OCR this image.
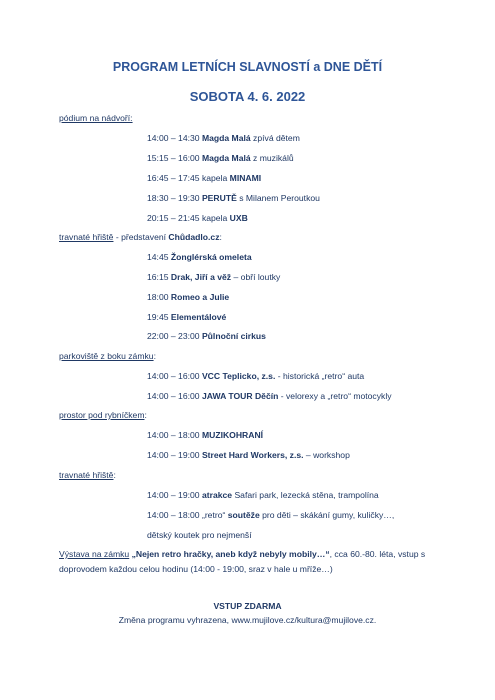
PROGRAM LETNÍCH SLAVNOSTÍ a DNE DĚTÍ
SOBOTA 4. 6. 2022
pódium na nádvoří:
14:00 – 14:30 Magda Malá zpívá dětem
15:15 – 16:00 Magda Malá z muzikálů
16:45 – 17:45 kapela MINAMI
18:30 – 19:30 PERUTĚ s Milanem Peroutkou
20:15 – 21:45 kapela UXB
travnaté hřiště - představení Chůdadlo.cz:
14:45 Žonglérská omeleta
16:15 Drak, Jiří a věž – obří loutky
18:00 Romeo a Julie
19:45 Elementálové
22:00 – 23:00 Půlnoční cirkus
parkoviště z boku zámku:
14:00 – 16:00 VCC Teplicko, z.s. - historická „retro“ auta
14:00 – 16:00 JAWA TOUR Děčín - velorexy a „retro“ motocykly
prostor pod rybníčkem:
14:00 – 18:00 MUZIKOHRANÍ
14:00 – 19:00 Street Hard Workers, z.s. – workshop
travnaté hřiště:
14:00 – 19:00 atrakce Safari park, lezecká stěna, trampolína
14:00 – 18:00 „retro“ soutěže pro děti – skákání gumy, kuličky…,
dětský koutek pro nejmenší
Výstava na zámku „Nejen retro hračky, aneb když nebyly mobily…“, cca 60.-80. léta, vstup s doprovodem každou celou hodinu (14:00 - 19:00, sraz v hale u mříže…)
VSTUP ZDARMA
Změna programu vyhrazena, www.mujilove.cz/kultura@mujilove.cz.
